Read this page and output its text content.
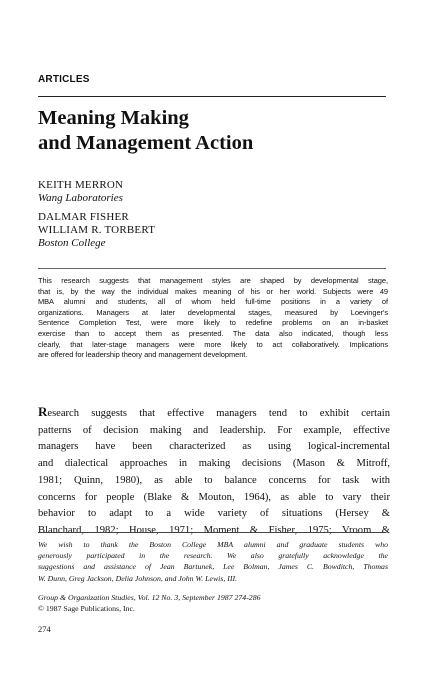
ARTICLES
Meaning Making
and Management Action
KEITH MERRON
Wang Laboratories
DALMAR FISHER
WILLIAM R. TORBERT
Boston College
This research suggests that management styles are shaped by developmental stage,
that is, by the way the individual makes meaning of his or her world. Subjects were 49
MBA alumni and students, all of whom held full-time positions in a variety of
organizations. Managers at later developmental stages, measured by Loevinger's
Sentence Completion Test, were more likely to redefine problems on an in-basket
exercise than to accept them as presented. The data also indicated, though less
clearly, that later-stage managers were more likely to act collaboratively. Implications
are offered for leadership theory and management development.
Research suggests that effective managers tend to exhibit certain
patterns of decision making and leadership. For example, effective
managers have been characterized as using logical-incremental
and dialectical approaches in making decisions (Mason & Mitroff,
1981; Quinn, 1980), as able to balance concerns for task with
concerns for people (Blake & Mouton, 1964), as able to vary their
behavior to adapt to a wide variety of situations (Hersey &
Blanchard, 1982; House, 1971; Moment & Fisher, 1975; Vroom &
We wish to thank the Boston College MBA alumni and graduate students who
generously participated in the research. We also gratefully acknowledge the
suggestions and assistance of Jean Bartunek, Lee Bolman, James C. Bowditch, Thomas
W. Dunn, Greg Jackson, Delia Johnson, and John W. Lewis, III.
Group & Organization Studies, Vol. 12 No. 3, September 1987 274-286
© 1987 Sage Publications, Inc.
274
